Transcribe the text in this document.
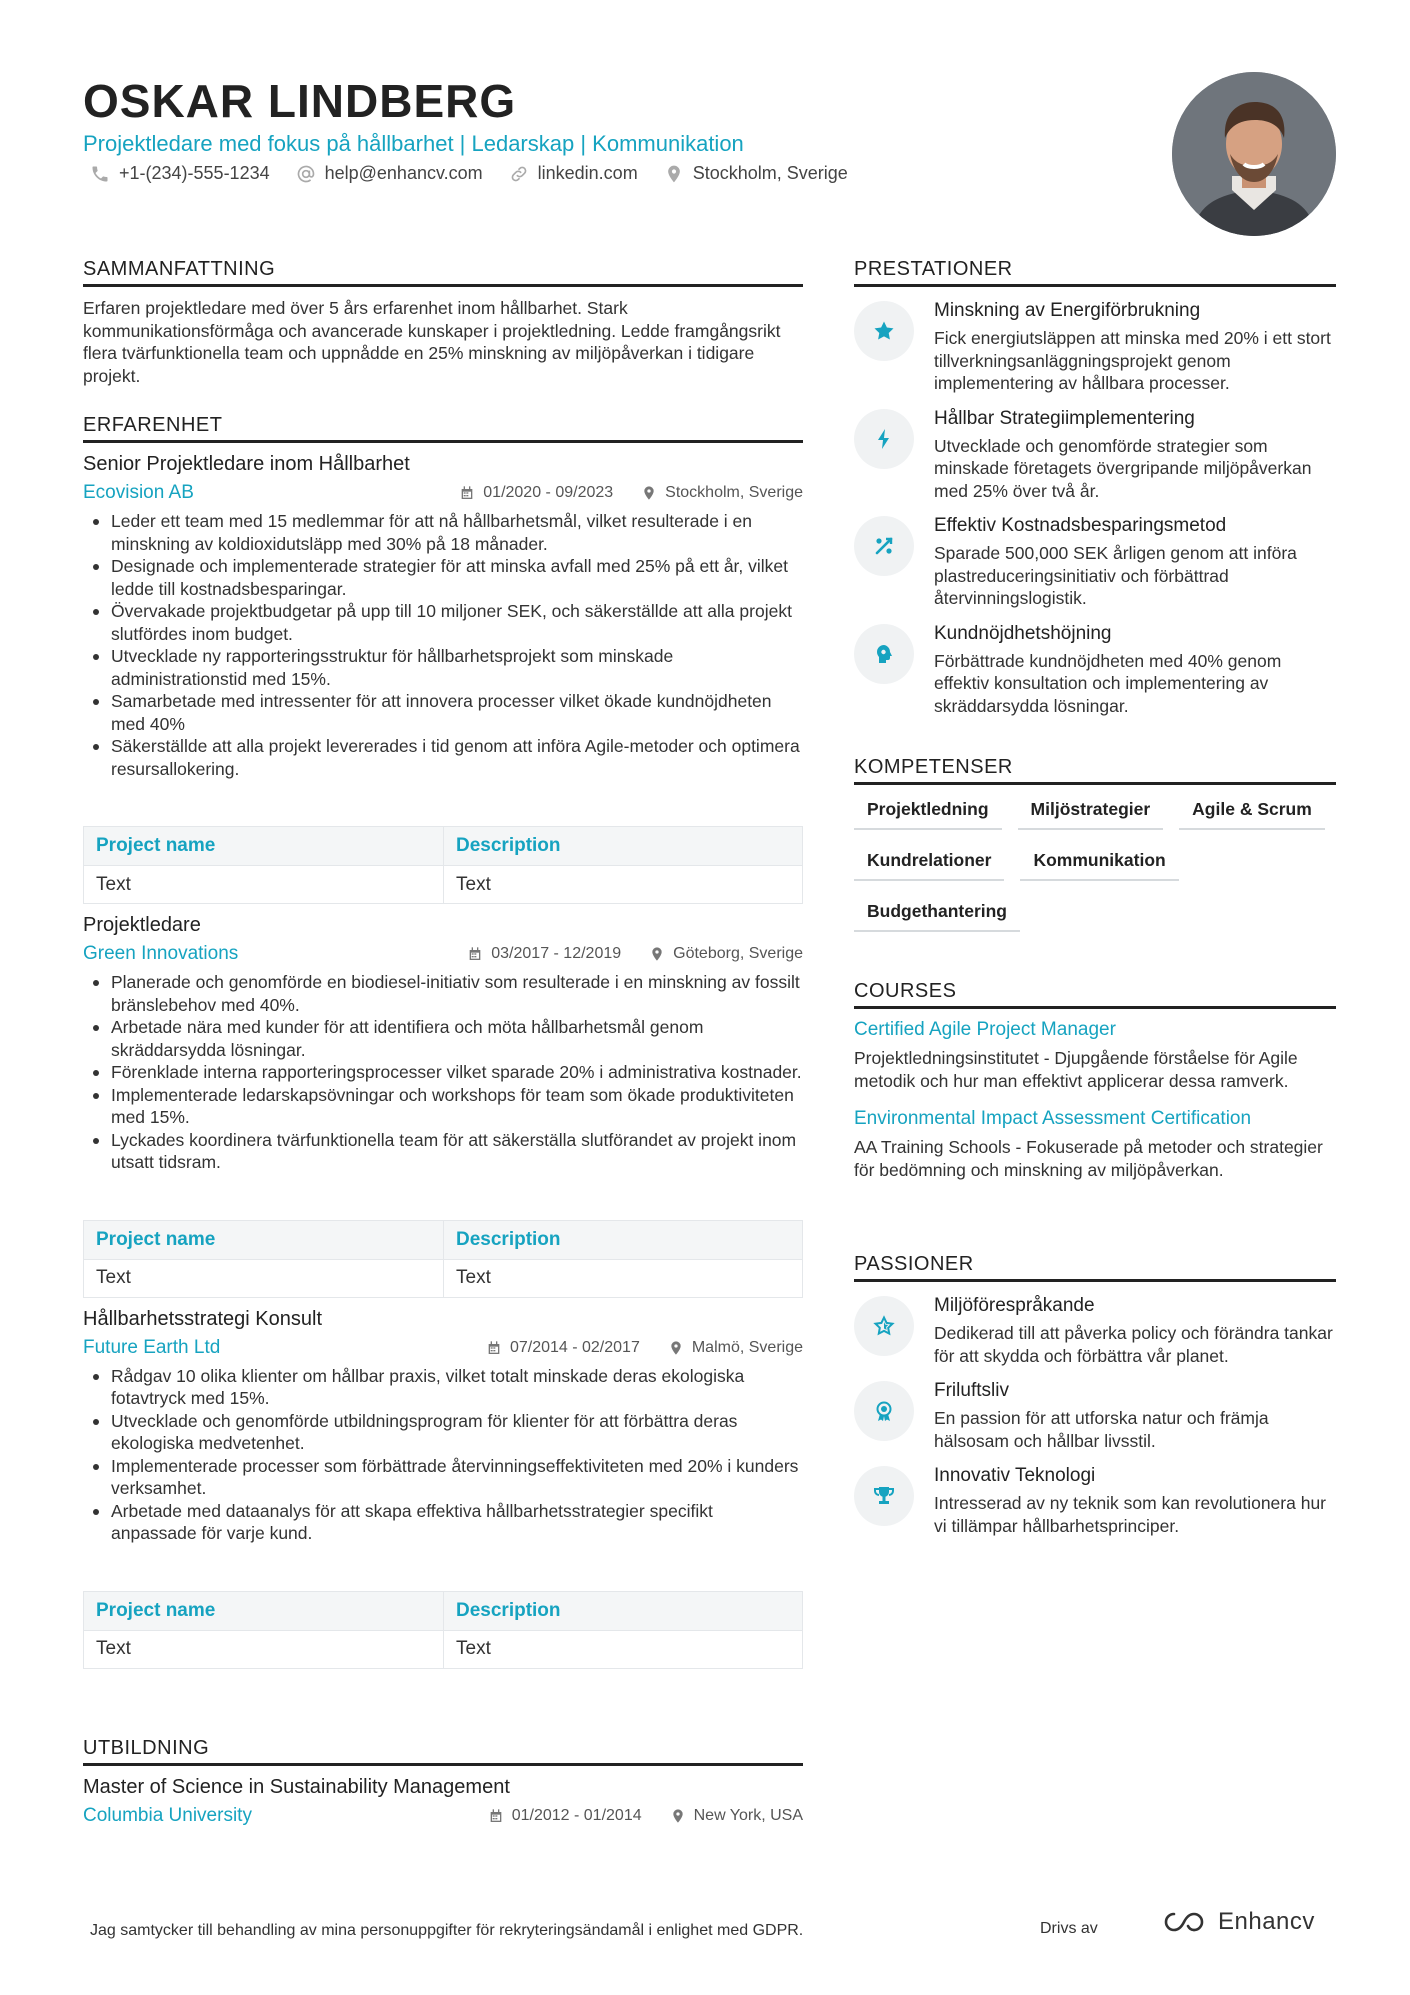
OSKAR LINDBERG
Projektledare med fokus på hållbarhet | Ledarskap | Kommunikation
+1-(234)-555-1234	help@enhancv.com	linkedin.com	Stockholm, Sverige
SAMMANFATTNING
Erfaren projektledare med över 5 års erfarenhet inom hållbarhet. Stark kommunikationsförmåga och avancerade kunskaper i projektledning. Ledde framgångsrikt flera tvärfunktionella team och uppnådde en 25% minskning av miljöpåverkan i tidigare projekt.
ERFARENHET
Senior Projektledare inom Hållbarhet
Ecovision AB	01/2020 - 09/2023	Stockholm, Sverige
Leder ett team med 15 medlemmar för att nå hållbarhetsmål, vilket resulterade i en minskning av koldioxidutsläpp med 30% på 18 månader.
Designade och implementerade strategier för att minska avfall med 25% på ett år, vilket ledde till kostnadsbesparingar.
Övervakade projektbudgetar på upp till 10 miljoner SEK, och säkerställde att alla projekt slutfördes inom budget.
Utvecklade ny rapporteringsstruktur för hållbarhetsprojekt som minskade administrationstid med 15%.
Samarbetade med intressenter för att innovera processer vilket ökade kundnöjdheten med 40%
Säkerställde att alla projekt levererades i tid genom att införa Agile-metoder och optimera resursallokering.
Project name	Description
Text	Text
Projektledare
Green Innovations	03/2017 - 12/2019	Göteborg, Sverige
Planerade och genomförde en biodiesel-initiativ som resulterade i en minskning av fossilt bränslebehov med 40%.
Arbetade nära med kunder för att identifiera och möta hållbarhetsmål genom skräddarsydda lösningar.
Förenklade interna rapporteringsprocesser vilket sparade 20% i administrativa kostnader.
Implementerade ledarskapsövningar och workshops för team som ökade produktiviteten med 15%.
Lyckades koordinera tvärfunktionella team för att säkerställa slutförandet av projekt inom utsatt tidsram.
Project name	Description
Text	Text
Hållbarhetsstrategi Konsult
Future Earth Ltd	07/2014 - 02/2017	Malmö, Sverige
Rådgav 10 olika klienter om hållbar praxis, vilket totalt minskade deras ekologiska fotavtryck med 15%.
Utvecklade och genomförde utbildningsprogram för klienter för att förbättra deras ekologiska medvetenhet.
Implementerade processer som förbättrade återvinningseffektiviteten med 20% i kunders verksamhet.
Arbetade med dataanalys för att skapa effektiva hållbarhetsstrategier specifikt anpassade för varje kund.
Project name	Description
Text	Text
UTBILDNING
Master of Science in Sustainability Management
Columbia University	01/2012 - 01/2014	New York, USA
PRESTATIONER
Minskning av Energiförbrukning
Fick energiutsläppen att minska med 20% i ett stort tillverkningsanläggningsprojekt genom implementering av hållbara processer.
Hållbar Strategiimplementering
Utvecklade och genomförde strategier som minskade företagets övergripande miljöpåverkan med 25% över två år.
Effektiv Kostnadsbesparingsmetod
Sparade 500,000 SEK årligen genom att införa plastreduceringsinitiativ och förbättrad återvinningslogistik.
Kundnöjdhetshöjning
Förbättrade kundnöjdheten med 40% genom effektiv konsultation och implementering av skräddarsydda lösningar.
KOMPETENSER
Projektledning	Miljöstrategier	Agile & Scrum
Kundrelationer	Kommunikation
Budgethantering
COURSES
Certified Agile Project Manager
Projektledningsinstitutet - Djupgående förståelse för Agile metodik och hur man effektivt applicerar dessa ramverk.
Environmental Impact Assessment Certification
AA Training Schools - Fokuserade på metoder och strategier för bedömning och minskning av miljöpåverkan.
PASSIONER
Miljöförespråkande
Dedikerad till att påverka policy och förändra tankar för att skydda och förbättra vår planet.
Friluftsliv
En passion för att utforska natur och främja hälsosam och hållbar livsstil.
Innovativ Teknologi
Intresserad av ny teknik som kan revolutionera hur vi tillämpar hållbarhetsprinciper.
Jag samtycker till behandling av mina personuppgifter för rekryteringsändamål i enlighet med GDPR.	Drivs av	Enhancv
